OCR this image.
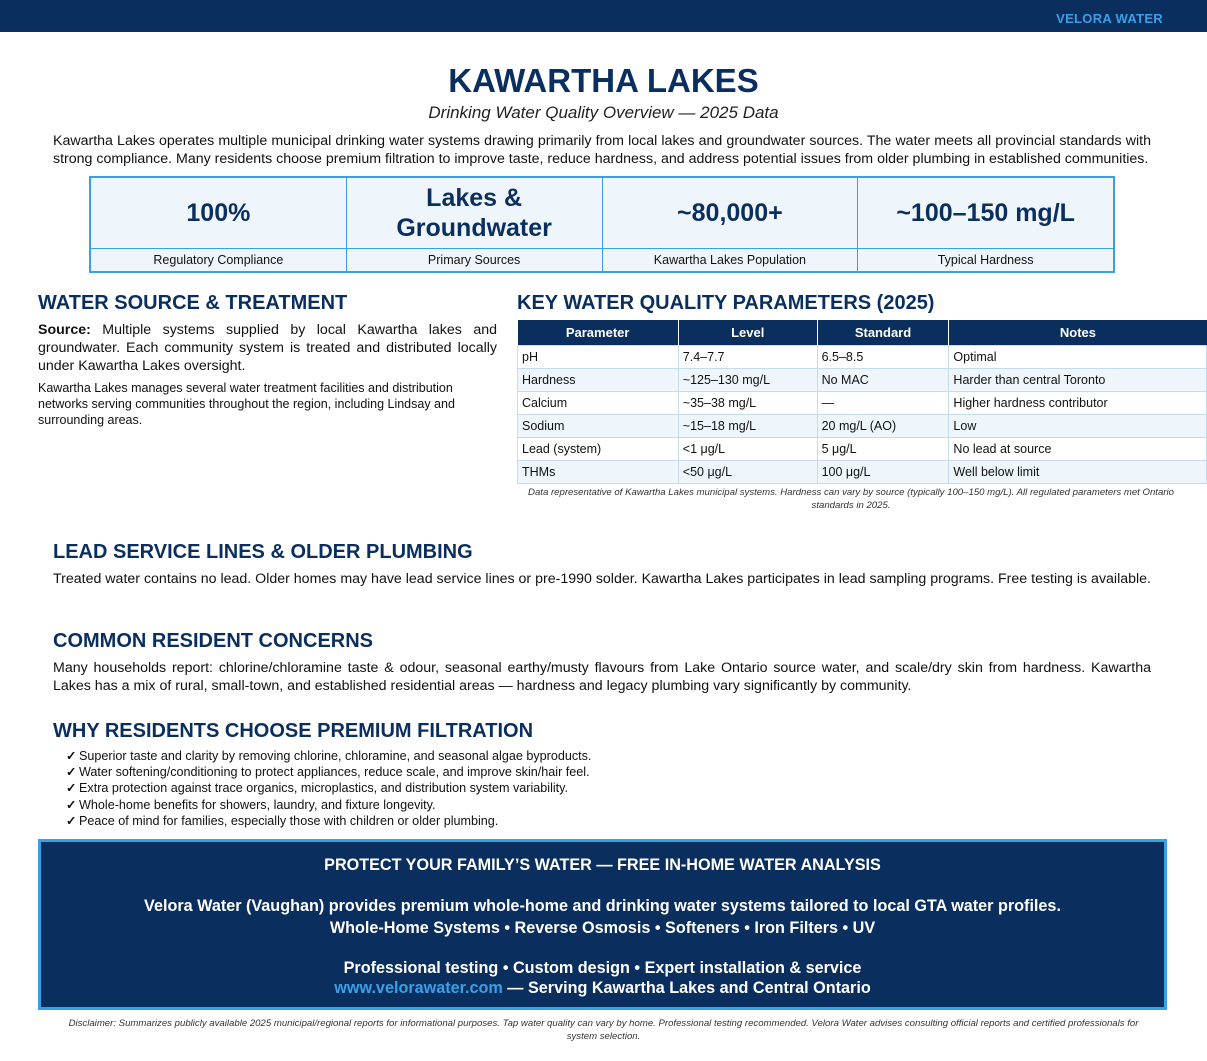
VELORA WATER
KAWARTHA LAKES
Drinking Water Quality Overview — 2025 Data
Kawartha Lakes operates multiple municipal drinking water systems drawing primarily from local lakes and groundwater sources. The water meets all provincial standards with strong compliance. Many residents choose premium filtration to improve taste, reduce hardness, and address potential issues from older plumbing in established communities.
100%
Regulatory Compliance
Lakes & Groundwater
Primary Sources
~80,000+
Kawartha Lakes Population
~100–150 mg/L
Typical Hardness
WATER SOURCE & TREATMENT

Source: Multiple systems supplied by local Kawartha lakes and groundwater. Each community system is treated and distributed locally under Kawartha Lakes oversight.

Kawartha Lakes manages several water treatment facilities and distribution networks serving communities throughout the region, including Lindsay and surrounding areas.

KEY WATER QUALITY PARAMETERS (2025)
Parameter	Level	Standard	Notes
pH	7.4–7.7	6.5–8.5	Optimal
Hardness	~125–130 mg/L	No MAC	Harder than central Toronto
Calcium	~35–38 mg/L	—	Higher hardness contributor
Sodium	~15–18 mg/L	20 mg/L (AO)	Low
Lead (system)	<1 μg/L	5 μg/L	No lead at source
THMs	<50 μg/L	100 μg/L	Well below limit
Data representative of Kawartha Lakes municipal systems. Hardness can vary by source (typically 100–150 mg/L). All regulated parameters met Ontario standards in 2025.
LEAD SERVICE LINES & OLDER PLUMBING
Treated water contains no lead. Older homes may have lead service lines or pre-1990 solder. Kawartha Lakes participates in lead sampling programs. Free testing is available.
COMMON RESIDENT CONCERNS
Many households report: chlorine/chloramine taste & odour, seasonal earthy/musty flavours from Lake Ontario source water, and scale/dry skin from hardness. Kawartha Lakes has a mix of rural, small-town, and established residential areas — hardness and legacy plumbing vary significantly by community.
WHY RESIDENTS CHOOSE PREMIUM FILTRATION
✓ Superior taste and clarity by removing chlorine, chloramine, and seasonal algae byproducts.
✓ Water softening/conditioning to protect appliances, reduce scale, and improve skin/hair feel.
✓ Extra protection against trace organics, microplastics, and distribution system variability.
✓ Whole-home benefits for showers, laundry, and fixture longevity.
✓ Peace of mind for families, especially those with children or older plumbing.
PROTECT YOUR FAMILY’S WATER — FREE IN-HOME WATER ANALYSIS
Velora Water (Vaughan) provides premium whole-home and drinking water systems tailored to local GTA water profiles.
Whole-Home Systems • Reverse Osmosis • Softeners • Iron Filters • UV
Professional testing • Custom design • Expert installation & service
www.velorawater.com — Serving Kawartha Lakes and Central Ontario
Disclaimer: Summarizes publicly available 2025 municipal/regional reports for informational purposes. Tap water quality can vary by home. Professional testing recommended. Velora Water advises consulting official reports and certified professionals for system selection.
